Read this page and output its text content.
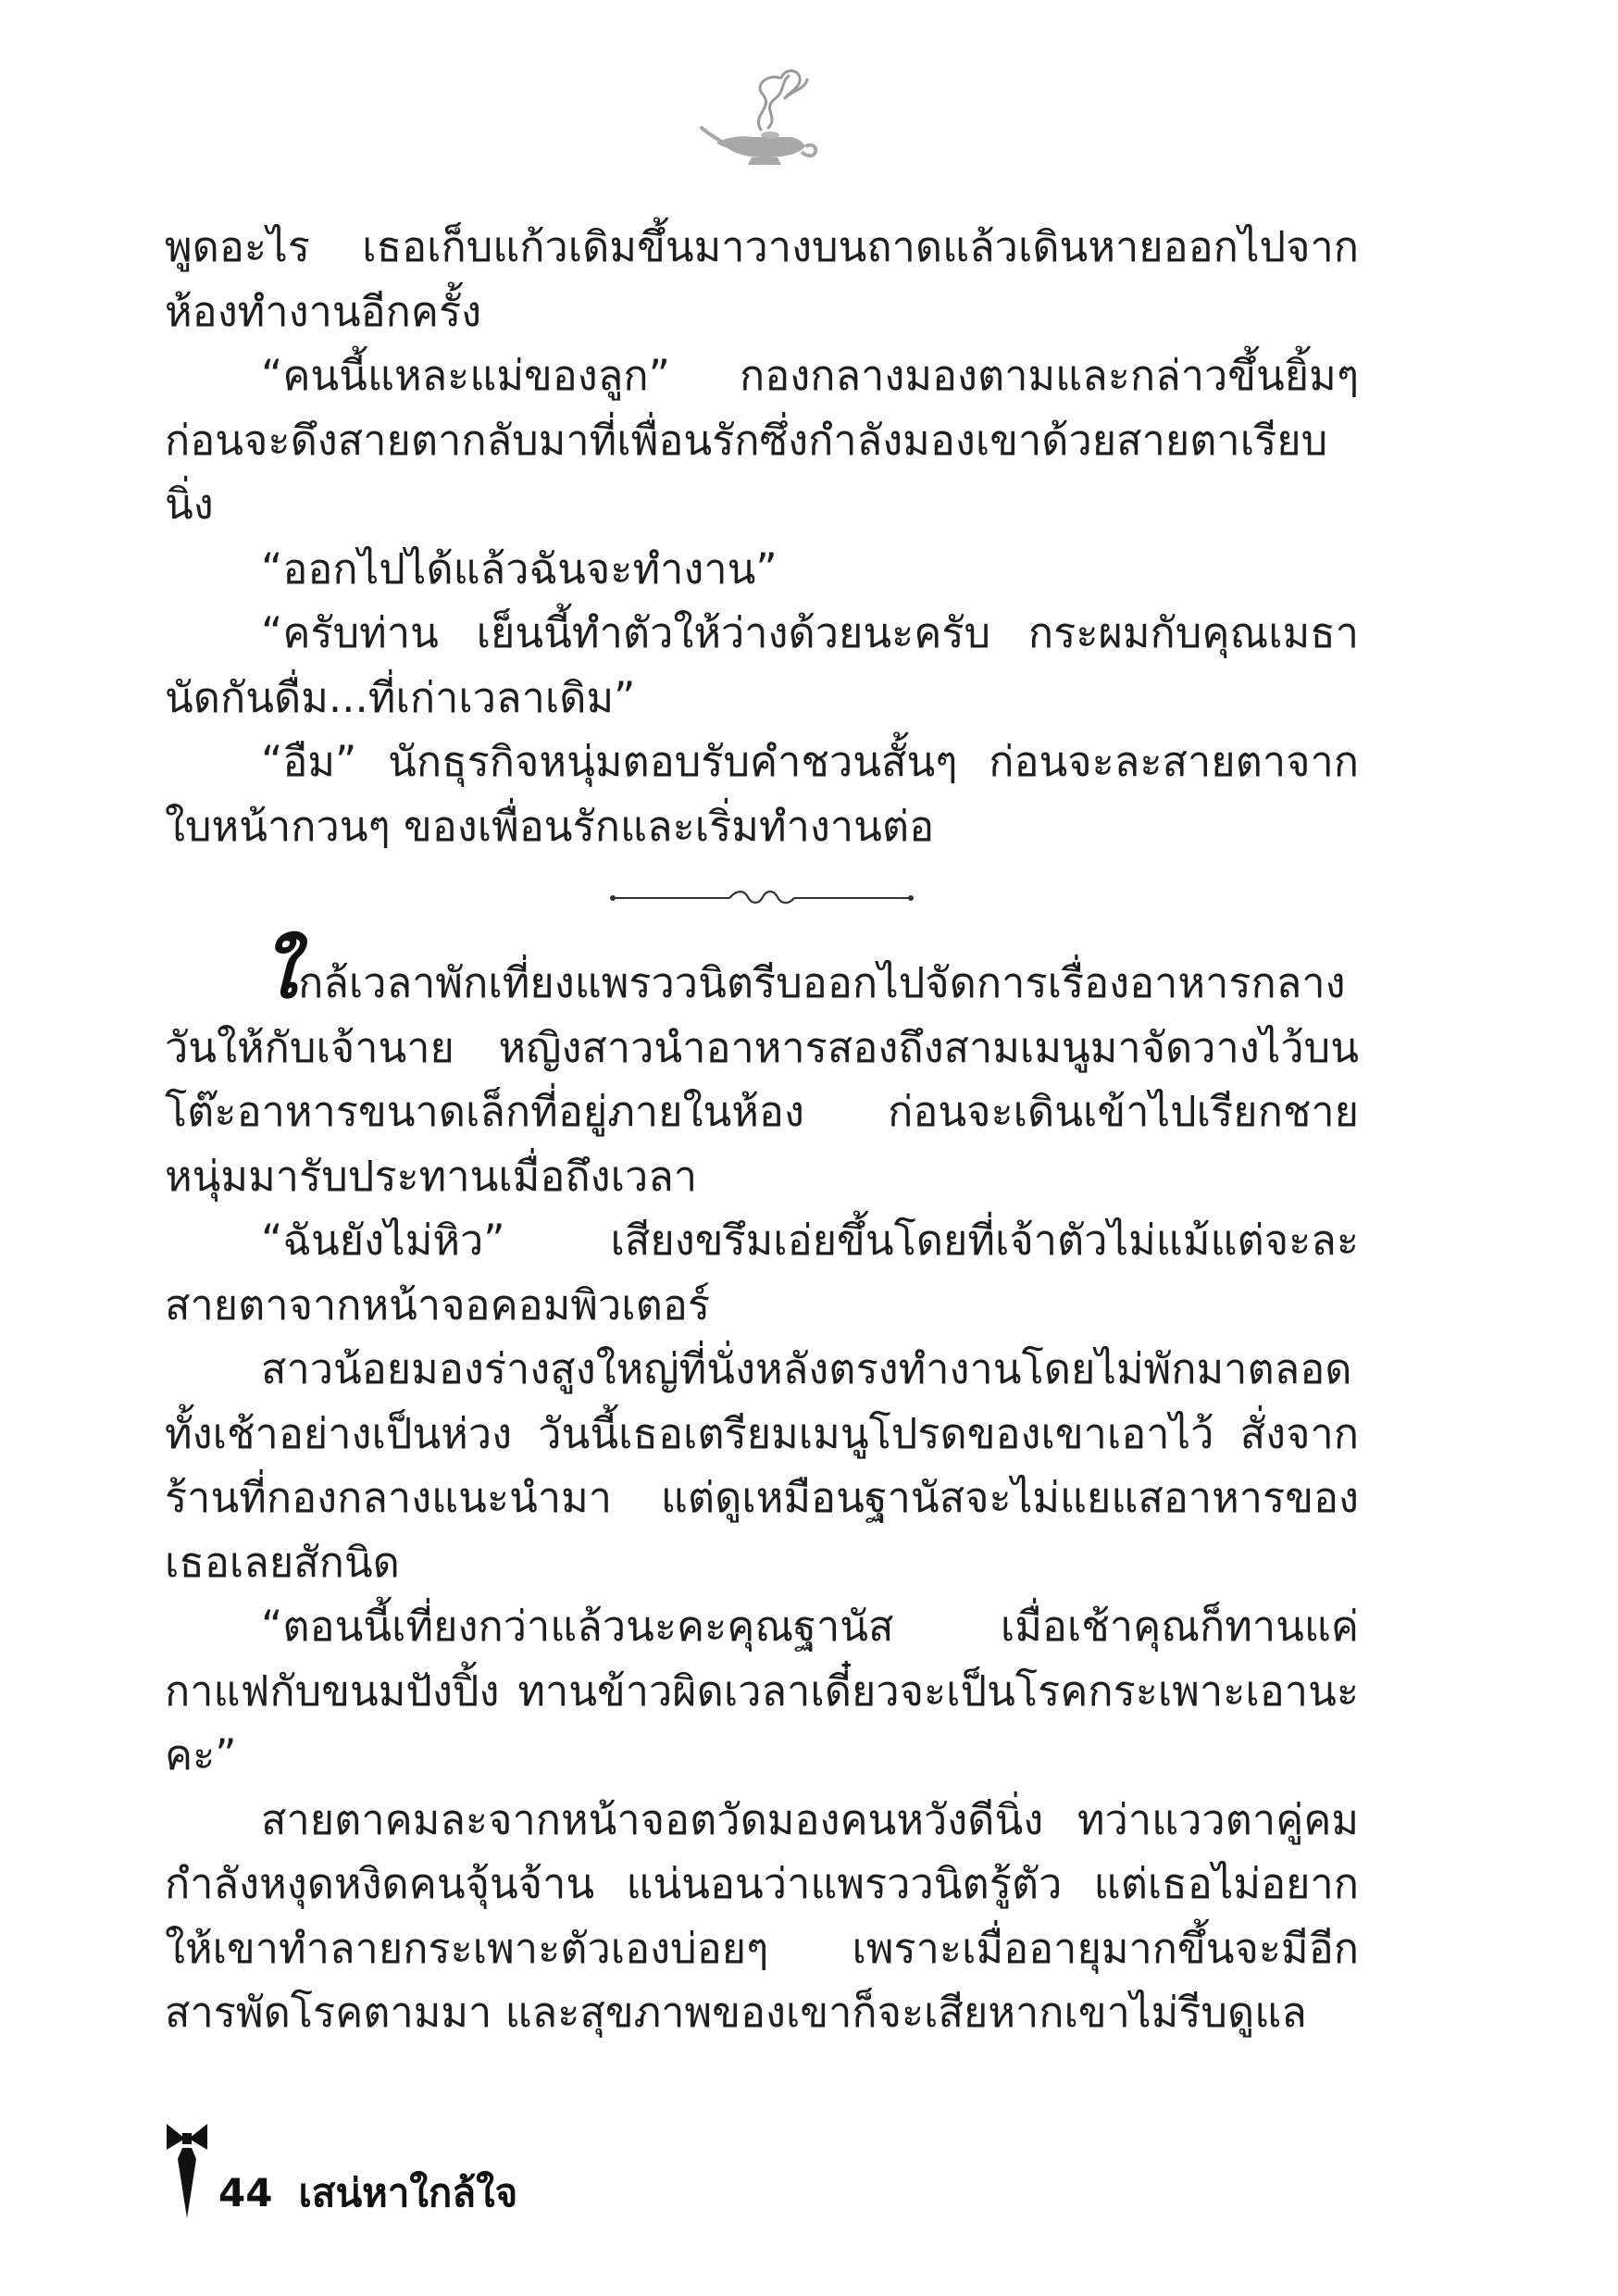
พูดอะไร เธอเก็บแก้วเดิมขึ้นมาวางบนถาดแล้วเดินหายออกไปจากห้องทำงานอีกครั้ง

“คนนี้แหละแม่ของลูก” กองกลางมองตามและกล่าวขึ้นยิ้มๆ ก่อนจะดึงสายตากลับมาที่เพื่อนรักซึ่งกำลังมองเขาด้วยสายตาเรียบนิ่ง

“ออกไปได้แล้วฉันจะทำงาน”

“ครับท่าน เย็นนี้ทำตัวให้ว่างด้วยนะครับ กระผมกับคุณเมธานัดกันดื่ม...ที่เก่าเวลาเดิม”

“อืม” นักธุรกิจหนุ่มตอบรับคำชวนสั้นๆ ก่อนจะละสายตาจากใบหน้ากวนๆ ของเพื่อนรักและเริ่มทำงานต่อ

ใกล้เวลาพักเที่ยงแพรววนิตรีบออกไปจัดการเรื่องอาหารกลางวันให้กับเจ้านาย หญิงสาวนำอาหารสองถึงสามเมนูมาจัดวางไว้บนโต๊ะอาหารขนาดเล็กที่อยู่ภายในห้อง ก่อนจะเดินเข้าไปเรียกชายหนุ่มมารับประทานเมื่อถึงเวลา

“ฉันยังไม่หิว” เสียงขรึมเอ่ยขึ้นโดยที่เจ้าตัวไม่แม้แต่จะละสายตาจากหน้าจอคอมพิวเตอร์

สาวน้อยมองร่างสูงใหญ่ที่นั่งหลังตรงทำงานโดยไม่พักมาตลอดทั้งเช้าอย่างเป็นห่วง วันนี้เธอเตรียมเมนูโปรดของเขาเอาไว้ สั่งจากร้านที่กองกลางแนะนำมา แต่ดูเหมือนฐานัสจะไม่แยแสอาหารของเธอเลยสักนิด

“ตอนนี้เที่ยงกว่าแล้วนะคะคุณฐานัส เมื่อเช้าคุณก็ทานแค่กาแฟกับขนมปังปิ้ง ทานข้าวผิดเวลาเดี๋ยวจะเป็นโรคกระเพาะเอานะคะ”

สายตาคมละจากหน้าจอตวัดมองคนหวังดีนิ่ง ทว่าแววตาคู่คมกำลังหงุดหงิดคนจุ้นจ้าน แน่นอนว่าแพรววนิตรู้ตัว แต่เธอไม่อยากให้เขาทำลายกระเพาะตัวเองบ่อยๆ เพราะเมื่ออายุมากขึ้นจะมีอีกสารพัดโรคตามมา และสุขภาพของเขาก็จะเสียหากเขาไม่รีบดูแล

44 เสน่หาใกล้ใจ
